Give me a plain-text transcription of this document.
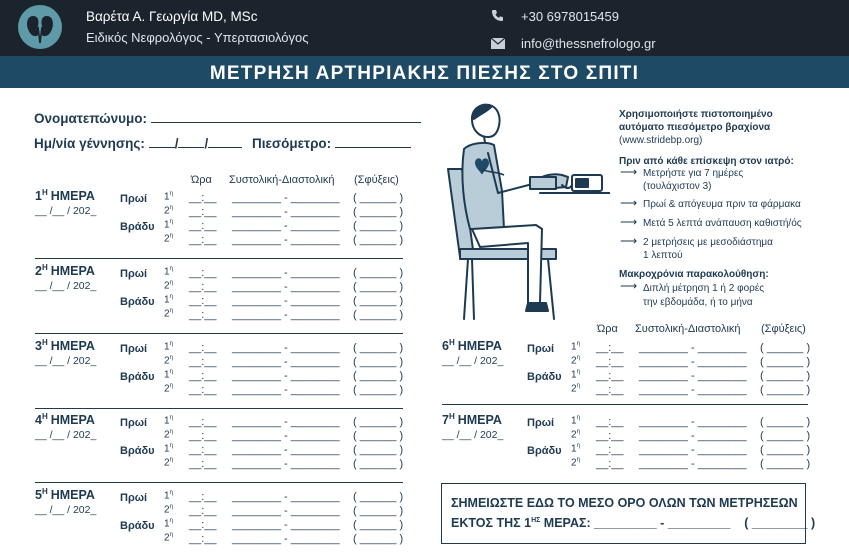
Βαρέτα Α. Γεωργία MD, MSc
Ειδικός Νεφρολόγος - Υπερτασιολόγος
+30 6978015459
info@thessnefrologo.gr
ΜΕΤΡΗΣΗ ΑΡΤΗΡΙΑΚΗΣ ΠΙΕΣΗΣ ΣΤΟ ΣΠΙΤΙ
Ονοματεπώνυμο:
Ημ/νία γέννησης: / /	Πιεσόμετρο:
Ώρα Συστολική-Διαστολική (Σφύξεις)
$1^H$ ΗΜΕΡΑ
__ /__ / 202_
Πρωί
Βράδυ
$1^\eta$ __:__ ________ - ________ ( ______ )
$2^\eta$ __:__ ________ - ________ ( ______ )
$1^\eta$ __:__ ________ - ________ ( ______ )
$2^\eta$ __:__ ________ - ________ ( ______ )
$2^H$ ΗΜΕΡΑ
__ /__ / 202_
Πρωί
Βράδυ
$1^\eta$ __:__ ________ - ________ ( ______ )
$2^\eta$ __:__ ________ - ________ ( ______ )
$1^\eta$ __:__ ________ - ________ ( ______ )
$2^\eta$ __:__ ________ - ________ ( ______ )
$3^H$ ΗΜΕΡΑ
__ /__ / 202_
Πρωί
Βράδυ
$1^\eta$ __:__ ________ - ________ ( ______ )
$2^\eta$ __:__ ________ - ________ ( ______ )
$1^\eta$ __:__ ________ - ________ ( ______ )
$2^\eta$ __:__ ________ - ________ ( ______ )
$4^H$ ΗΜΕΡΑ
__ /__ / 202_
Πρωί
Βράδυ
$1^\eta$ __:__ ________ - ________ ( ______ )
$2^\eta$ __:__ ________ - ________ ( ______ )
$1^\eta$ __:__ ________ - ________ ( ______ )
$2^\eta$ __:__ ________ - ________ ( ______ )
$5^H$ ΗΜΕΡΑ
__ /__ / 202_
Πρωί
Βράδυ
$1^\eta$ __:__ ________ - ________ ( ______ )
$2^\eta$ __:__ ________ - ________ ( ______ )
$1^\eta$ __:__ ________ - ________ ( ______ )
$2^\eta$ __:__ ________ - ________ ( ______ )
$6^H$ ΗΜΕΡΑ
__ /__ / 202_
Πρωί
Βράδυ
$1^\eta$ __:__ ________ - ________ ( ______ )
$2^\eta$ __:__ ________ - ________ ( ______ )
$1^\eta$ __:__ ________ - ________ ( ______ )
$2^\eta$ __:__ ________ - ________ ( ______ )
$7^H$ ΗΜΕΡΑ
__ /__ / 202_
Πρωί
Βράδυ
$1^\eta$ __:__ ________ - ________ ( ______ )
$2^\eta$ __:__ ________ - ________ ( ______ )
$1^\eta$ __:__ ________ - ________ ( ______ )
$2^\eta$ __:__ ________ - ________ ( ______ )
Ώρα Συστολική-Διαστολική (Σφύξεις)
Χρησιμοποιήστε πιστοποιημένο
αυτόματο πιεσόμετρο βραχίονα
(www.stridebp.org)
Πριν από κάθε επίσκεψη στον ιατρό:
⟶ Μετρήστε για 7 ημέρες
(τουλάχιστον 3)
⟶ Πρωί & απόγευμα πριν τα φάρμακα
⟶ Μετά 5 λεπτά ανάπαυση καθιστή/ός
⟶ 2 μετρήσεις με μεσοδιάστημα
1 λεπτού
Μακροχρόνια παρακολούθηση:
⟶ Διπλή μέτρηση 1 ή 2 φορές
την εβδομάδα, ή το μήνα
ΣΗΜΕΙΩΣΤΕ ΕΔΩ ΤΟ ΜΕΣΟ ΟΡΟ ΟΛΩΝ ΤΩΝ ΜΕΤΡΗΣΕΩΝ
ΕΚΤΟΣ ΤΗΣ $1^{H\Sigma}$ ΜΕΡΑΣ: _________ - _________    ( ________ )
